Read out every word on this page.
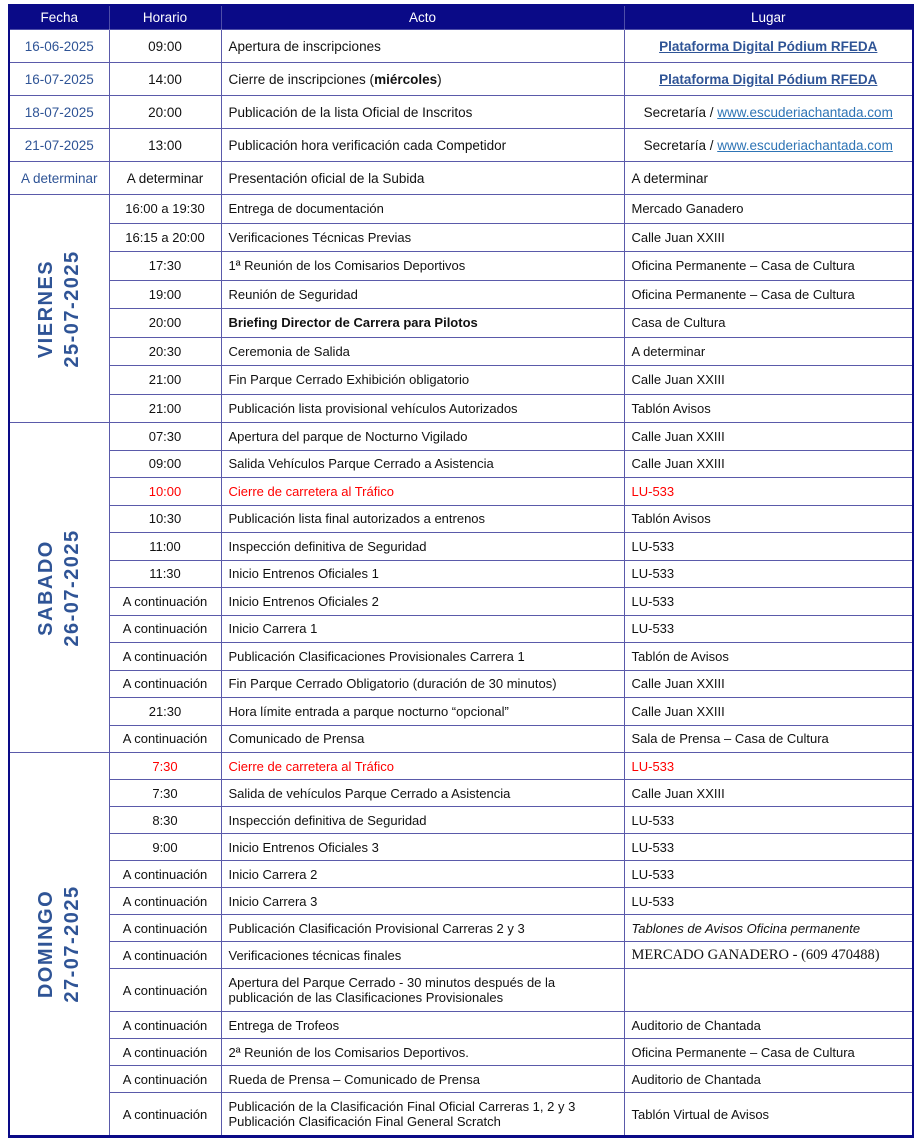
Fecha	Horario	Acto	Lugar
16-06-2025	09:00	Apertura de inscripciones	Plataforma Digital Pódium RFEDA
16-07-2025	14:00	Cierre de inscripciones (miércoles)	Plataforma Digital Pódium RFEDA
18-07-2025	20:00	Publicación de la lista Oficial de Inscritos	Secretaría / www.escuderiachantada.com
21-07-2025	13:00	Publicación hora verificación cada Competidor	Secretaría / www.escuderiachantada.com
A determinar	A determinar	Presentación oficial de la Subida	A determinar

VIERNES 25-07-2025	16:00 a 19:30	Entrega de documentación	Mercado Ganadero
	16:15 a 20:00	Verificaciones Técnicas Previas	Calle Juan XXIII
	17:30	1ª Reunión de los Comisarios Deportivos	Oficina Permanente – Casa de Cultura
	19:00	Reunión de Seguridad	Oficina Permanente – Casa de Cultura
	20:00	Briefing Director de Carrera para Pilotos	Casa de Cultura
	20:30	Ceremonia de Salida	A determinar
	21:00	Fin Parque Cerrado Exhibición obligatorio	Calle Juan XXIII
	21:00	Publicación lista provisional vehículos Autorizados	Tablón Avisos

SABADO 26-07-2025	07:30	Apertura del parque de Nocturno Vigilado	Calle Juan XXIII
	09:00	Salida Vehículos Parque Cerrado a Asistencia	Calle Juan XXIII
	10:00	Cierre de carretera al Tráfico	LU-533
	10:30	Publicación lista final autorizados a entrenos	Tablón Avisos
	11:00	Inspección definitiva de Seguridad	LU-533
	11:30	Inicio Entrenos Oficiales 1	LU-533
	A continuación	Inicio Entrenos Oficiales 2	LU-533
	A continuación	Inicio Carrera 1	LU-533
	A continuación	Publicación Clasificaciones Provisionales Carrera 1	Tablón de Avisos
	A continuación	Fin Parque Cerrado Obligatorio (duración de 30 minutos)	Calle Juan XXIII
	21:30	Hora límite entrada a parque nocturno “opcional”	Calle Juan XXIII
	A continuación	Comunicado de Prensa	Sala de Prensa – Casa de Cultura

DOMINGO 27-07-2025	7:30	Cierre de carretera al Tráfico	LU-533
	7:30	Salida de vehículos Parque Cerrado a Asistencia	Calle Juan XXIII
	8:30	Inspección definitiva de Seguridad	LU-533
	9:00	Inicio Entrenos Oficiales 3	LU-533
	A continuación	Inicio Carrera 2	LU-533
	A continuación	Inicio Carrera 3	LU-533
	A continuación	Publicación Clasificación Provisional Carreras 2 y 3	Tablones de Avisos Oficina permanente
	A continuación	Verificaciones técnicas finales	MERCADO GANADERO - (609 470488)
	A continuación	Apertura del Parque Cerrado - 30 minutos después de la
publicación de las Clasificaciones Provisionales	
	A continuación	Entrega de Trofeos	Auditorio de Chantada
	A continuación	2ª Reunión de los Comisarios Deportivos.	Oficina Permanente – Casa de Cultura
	A continuación	Rueda de Prensa – Comunicado de Prensa	Auditorio de Chantada
	A continuación	Publicación de la Clasificación Final Oficial Carreras 1, 2 y 3
Publicación Clasificación Final General Scratch	Tablón Virtual de Avisos
